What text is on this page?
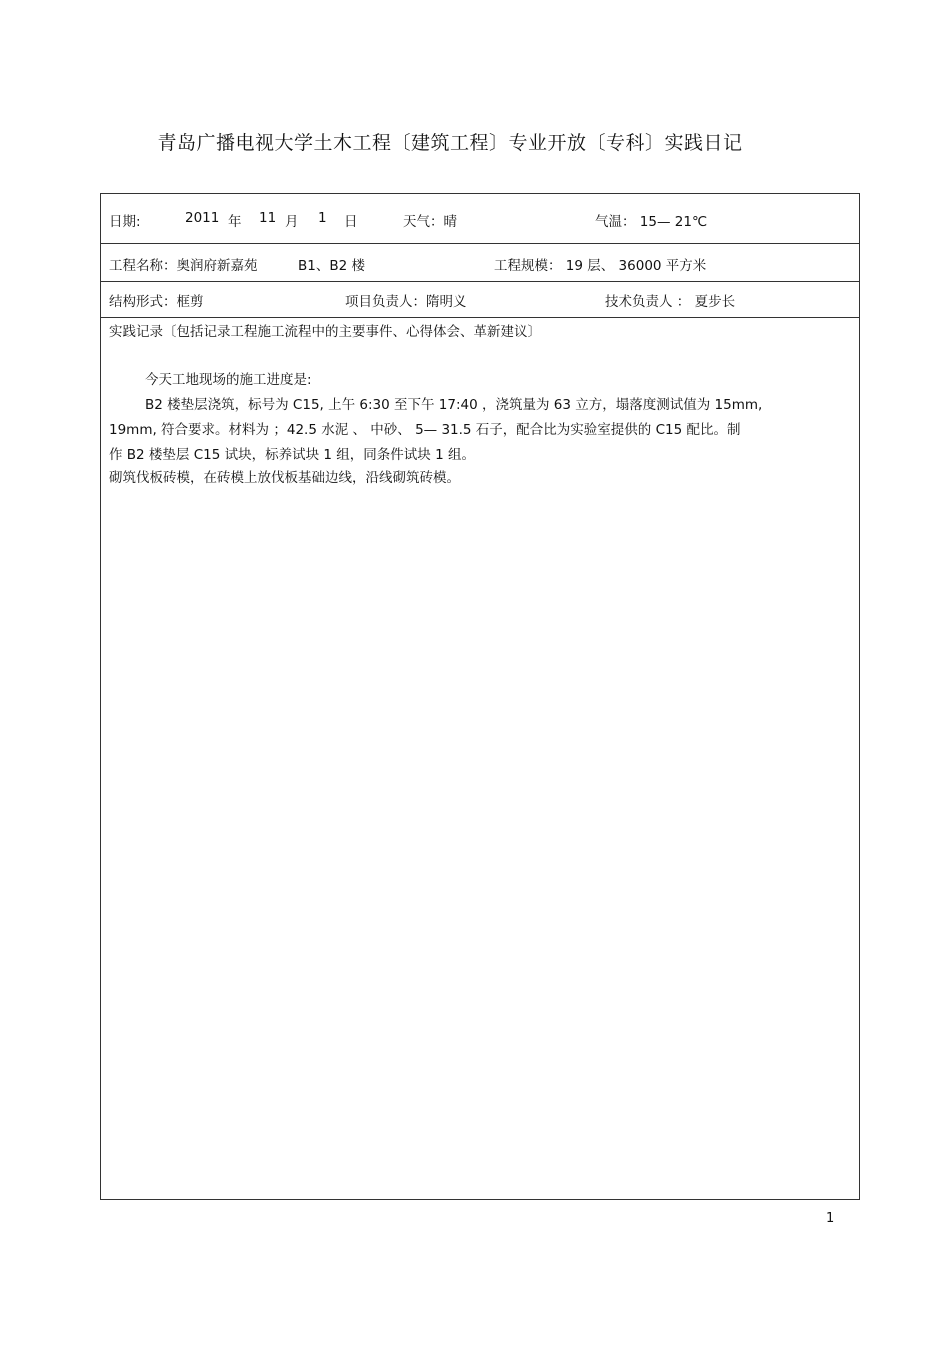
青岛广播电视大学土木工程〔建筑工程〕专业开放〔专科〕实践日记
日期:	2011 年 11 月 1 日	天气：晴	气温： 15— 21℃
工程名称：奥润府新嘉苑	B1、B2 楼	工程规模： 19 层、 36000 平方米
结构形式：框剪	项目负责人：隋明义	技术负责人 ： 夏步长
实践记录〔包括记录工程施工流程中的主要事件、心得体会、革新建议〕
今天工地现场的施工进度是:
B2 楼垫层浇筑，标号为 C15, 上午 6:30 至下午 17:40 ，浇筑量为 63 立方，塌落度测试值为 15mm,
19mm, 符合要求。材料为 ；42.5 水泥 、 中砂、 5— 31.5 石子，配合比为实验室提供的 C15 配比。制
作 B2 楼垫层 C15 试块，标养试块 1 组，同条件试块 1 组。
砌筑伐板砖模，在砖模上放伐板基础边线，沿线砌筑砖模。
1
